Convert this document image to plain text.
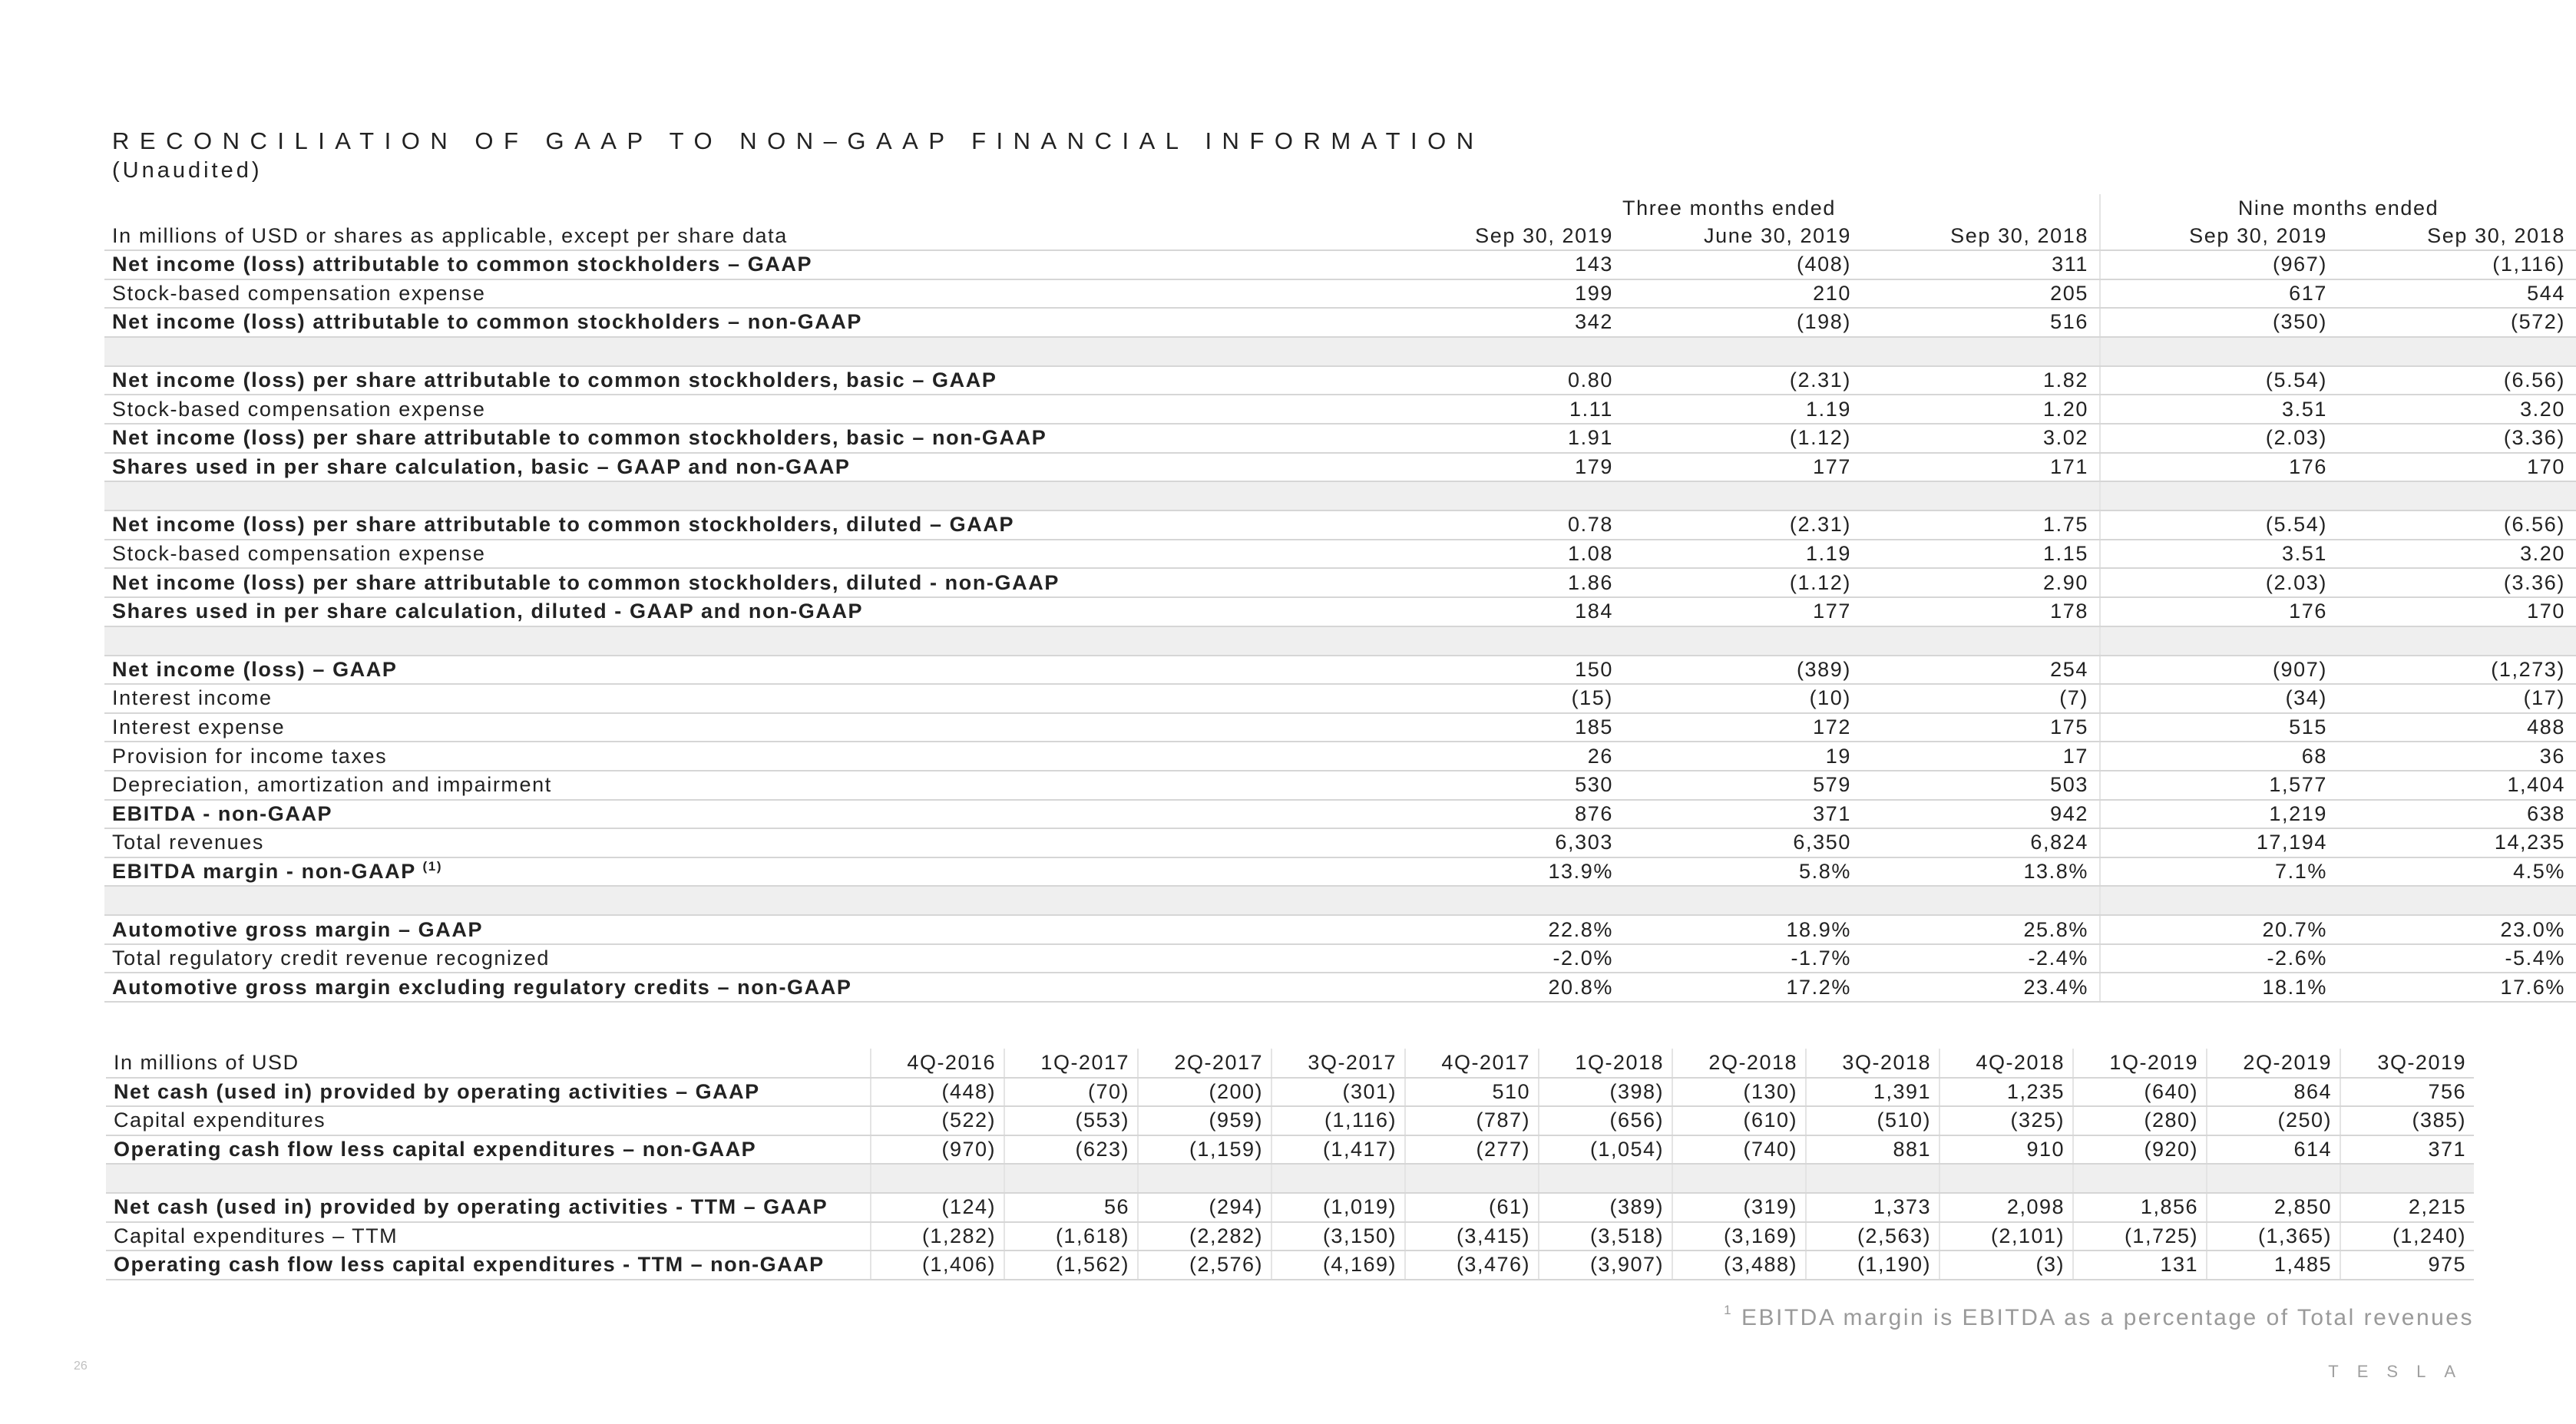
RECONCILIATION OF GAAP TO NON–GAAP FINANCIAL INFORMATION
(Unaudited)
	Three months ended			Nine months ended	
In millions of USD or shares as applicable, except per share data	Sep 30, 2019	June 30, 2019	Sep 30, 2018	Sep 30, 2019	Sep 30, 2018
Net income (loss) attributable to common stockholders – GAAP	143	(408)	311	(967)	(1,116)
Stock-based compensation expense	199	210	205	617	544
Net income (loss) attributable to common stockholders – non-GAAP	342	(198)	516	(350)	(572)

Net income (loss) per share attributable to common stockholders, basic – GAAP	0.80	(2.31)	1.82	(5.54)	(6.56)
Stock-based compensation expense	1.11	1.19	1.20	3.51	3.20
Net income (loss) per share attributable to common stockholders, basic – non-GAAP	1.91	(1.12)	3.02	(2.03)	(3.36)
Shares used in per share calculation, basic – GAAP and non-GAAP	179	177	171	176	170

Net income (loss) per share attributable to common stockholders, diluted – GAAP	0.78	(2.31)	1.75	(5.54)	(6.56)
Stock-based compensation expense	1.08	1.19	1.15	3.51	3.20
Net income (loss) per share attributable to common stockholders, diluted - non-GAAP	1.86	(1.12)	2.90	(2.03)	(3.36)
Shares used in per share calculation, diluted - GAAP and non-GAAP	184	177	178	176	170

Net income (loss) – GAAP	150	(389)	254	(907)	(1,273)
Interest income	(15)	(10)	(7)	(34)	(17)
Interest expense	185	172	175	515	488
Provision for income taxes	26	19	17	68	36
Depreciation, amortization and impairment	530	579	503	1,577	1,404
EBITDA - non-GAAP	876	371	942	1,219	638
Total revenues	6,303	6,350	6,824	17,194	14,235
EBITDA margin - non-GAAP $^{(1)}$	13.9%	5.8%	13.8%	7.1%	4.5%

Automotive gross margin – GAAP	22.8%	18.9%	25.8%	20.7%	23.0%
Total regulatory credit revenue recognized	-2.0%	-1.7%	-2.4%	-2.6%	-5.4%
Automotive gross margin excluding regulatory credits – non-GAAP	20.8%	17.2%	23.4%	18.1%	17.6%
In millions of USD	4Q-2016	1Q-2017	2Q-2017	3Q-2017	4Q-2017	1Q-2018	2Q-2018	3Q-2018	4Q-2018	1Q-2019	2Q-2019	3Q-2019
Net cash (used in) provided by operating activities – GAAP	(448)	(70)	(200)	(301)	510	(398)	(130)	1,391	1,235	(640)	864	756
Capital expenditures	(522)	(553)	(959)	(1,116)	(787)	(656)	(610)	(510)	(325)	(280)	(250)	(385)
Operating cash flow less capital expenditures – non-GAAP	(970)	(623)	(1,159)	(1,417)	(277)	(1,054)	(740)	881	910	(920)	614	371

Net cash (used in) provided by operating activities - TTM – GAAP	(124)	56	(294)	(1,019)	(61)	(389)	(319)	1,373	2,098	1,856	2,850	2,215
Capital expenditures – TTM	(1,282)	(1,618)	(2,282)	(3,150)	(3,415)	(3,518)	(3,169)	(2,563)	(2,101)	(1,725)	(1,365)	(1,240)
Operating cash flow less capital expenditures - TTM – non-GAAP	(1,406)	(1,562)	(2,576)	(4,169)	(3,476)	(3,907)	(3,488)	(1,190)	(3)	131	1,485	975
$^1$ EBITDA margin is EBITDA as a percentage of Total revenues
26	TESLA
